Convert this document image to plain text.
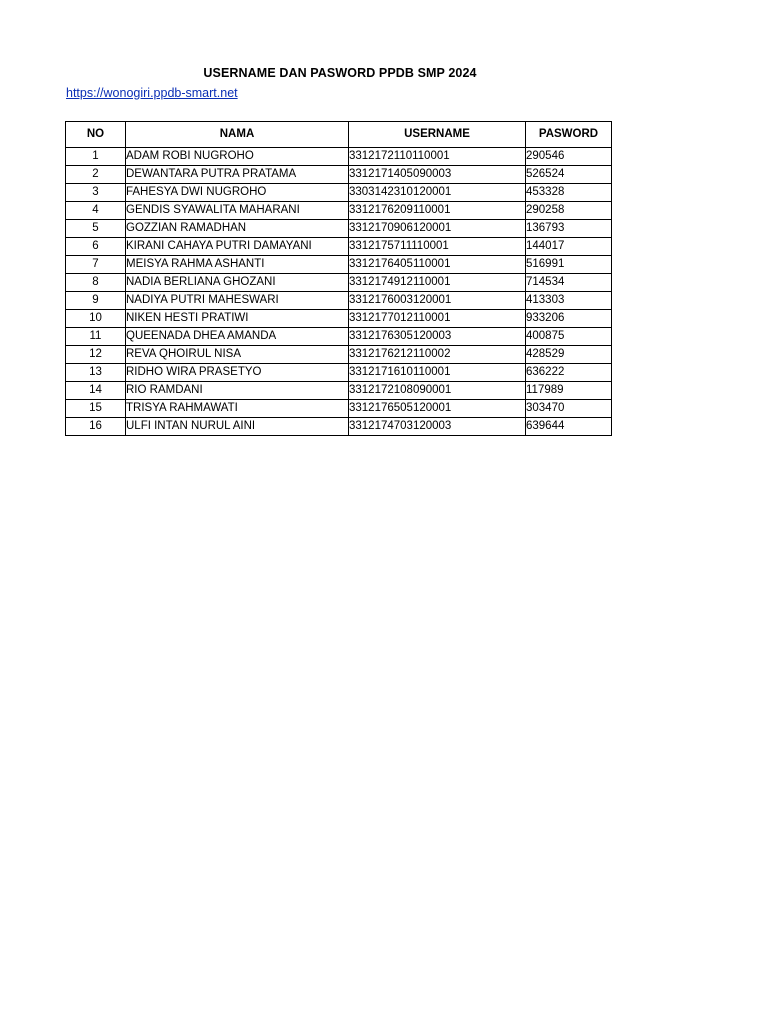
USERNAME DAN PASWORD PPDB SMP 2024
https://wonogiri.ppdb-smart.net
NO	NAMA	USERNAME	PASWORD
1	ADAM ROBI NUGROHO	3312172110110001	290546
2	DEWANTARA PUTRA PRATAMA	3312171405090003	526524
3	FAHESYA DWI NUGROHO	3303142310120001	453328
4	GENDIS SYAWALITA MAHARANI	3312176209110001	290258
5	GOZZIAN RAMADHAN	3312170906120001	136793
6	KIRANI CAHAYA PUTRI DAMAYANI	3312175711110001	144017
7	MEISYA RAHMA ASHANTI	3312176405110001	516991
8	NADIA BERLIANA GHOZANI	3312174912110001	714534
9	NADIYA PUTRI MAHESWARI	3312176003120001	413303
10	NIKEN HESTI PRATIWI	3312177012110001	933206
11	QUEENADA DHEA AMANDA	3312176305120003	400875
12	REVA QHOIRUL NISA	3312176212110002	428529
13	RIDHO WIRA PRASETYO	3312171610110001	636222
14	RIO RAMDANI	3312172108090001	117989
15	TRISYA RAHMAWATI	3312176505120001	303470
16	ULFI INTAN NURUL AINI	3312174703120003	639644
